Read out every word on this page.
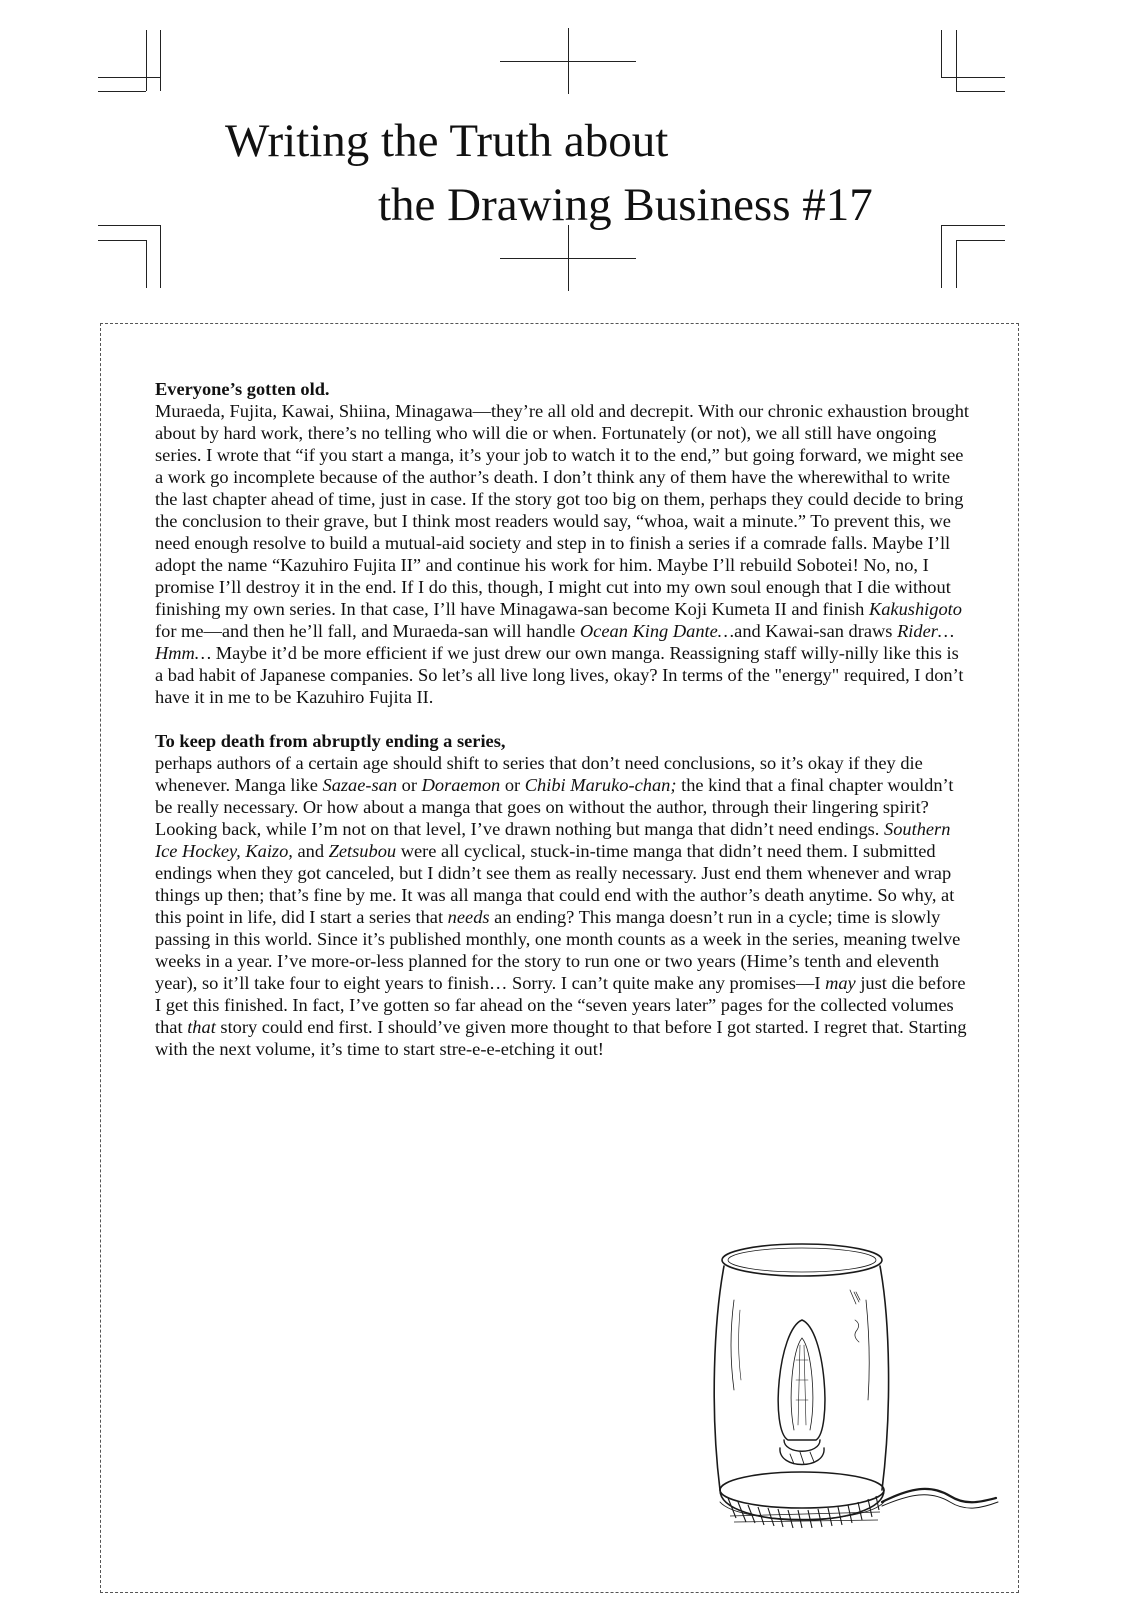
Writing the Truth about
the Drawing Business #17

Everyone’s gotten old.
Muraeda, Fujita, Kawai, Shiina, Minagawa—they’re all old and decrepit. With our chronic exhaustion brought about by hard work, there’s no telling who will die or when. Fortunately (or not), we all still have ongoing series. I wrote that “if you start a manga, it’s your job to watch it to the end,” but going forward, we might see a work go incomplete because of the author’s death. I don’t think any of them have the wherewithal to write the last chapter ahead of time, just in case. If the story got too big on them, perhaps they could decide to bring the conclusion to their grave, but I think most readers would say, “whoa, wait a minute.” To prevent this, we need enough resolve to build a mutual-aid society and step in to finish a series if a comrade falls. Maybe I’ll adopt the name “Kazuhiro Fujita II” and continue his work for him. Maybe I’ll rebuild Sobotei! No, no, I promise I’ll destroy it in the end. If I do this, though, I might cut into my own soul enough that I die without finishing my own series. In that case, I’ll have Minagawa-san become Koji Kumeta II and finish Kakushigoto for me—and then he’ll fall, and Muraeda-san will handle Ocean King Dante…and Kawai-san draws Rider… Hmm… Maybe it’d be more efficient if we just drew our own manga. Reassigning staff willy-nilly like this is a bad habit of Japanese companies. So let’s all live long lives, okay? In terms of the "energy" required, I don’t have it in me to be Kazuhiro Fujita II.

To keep death from abruptly ending a series,
perhaps authors of a certain age should shift to series that don’t need conclusions, so it’s okay if they die whenever. Manga like Sazae-san or Doraemon or Chibi Maruko-chan; the kind that a final chapter wouldn’t be really necessary. Or how about a manga that goes on without the author, through their lingering spirit? Looking back, while I’m not on that level, I’ve drawn nothing but manga that didn’t need endings. Southern Ice Hockey, Kaizo, and Zetsubou were all cyclical, stuck-in-time manga that didn’t need them. I submitted endings when they got canceled, but I didn’t see them as really necessary. Just end them whenever and wrap things up then; that’s fine by me. It was all manga that could end with the author’s death anytime. So why, at this point in life, did I start a series that needs an ending? This manga doesn’t run in a cycle; time is slowly passing in this world. Since it’s published monthly, one month counts as a week in the series, meaning twelve weeks in a year. I’ve more-or-less planned for the story to run one or two years (Hime’s tenth and eleventh year), so it’ll take four to eight years to finish… Sorry. I can’t quite make any promises—I may just die before I get this finished. In fact, I’ve gotten so far ahead on the “seven years later” pages for the collected volumes that that story could end first. I should’ve given more thought to that before I got started. I regret that. Starting with the next volume, it’s time to start stre-e-e-etching it out!
